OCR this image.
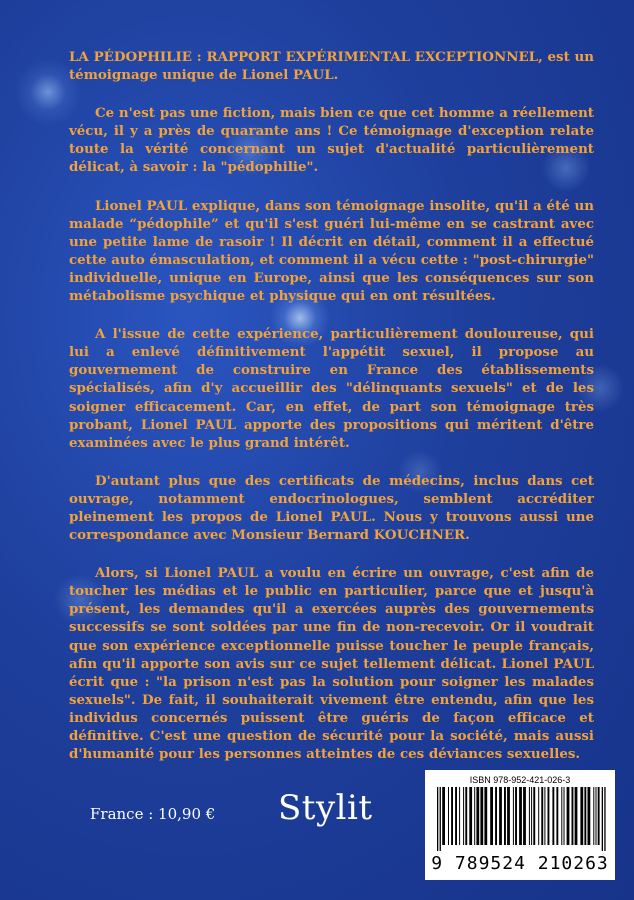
LA PÉDOPHILIE : RAPPORT EXPÉRIMENTAL EXCEPTIONNEL, est un témoignage unique de Lionel PAUL.

Ce n'est pas une fiction, mais bien ce que cet homme a réellement vécu, il y a près de quarante ans ! Ce témoignage d'exception relate toute la vérité concernant un sujet d'actualité particulièrement délicat, à savoir : la "pédophilie".

Lionel PAUL explique, dans son témoignage insolite, qu'il a été un malade “pédophile” et qu'il s'est guéri lui-même en se castrant avec une petite lame de rasoir ! Il décrit en détail, comment il a effectué cette auto émasculation, et comment il a vécu cette : "post-chirurgie" individuelle, unique en Europe, ainsi que les conséquences sur son métabolisme psychique et physique qui en ont résultées.

A l'issue de cette expérience, particulièrement douloureuse, qui lui a enlevé définitivement l'appétit sexuel, il propose au gouvernement de construire en France des établissements spécialisés, afin d'y accueillir des "délinquants sexuels" et de les soigner efficacement. Car, en effet, de part son témoignage très probant, Lionel PAUL apporte des propositions qui méritent d'être examinées avec le plus grand intérêt.

D'autant plus que des certificats de médecins, inclus dans cet ouvrage, notamment endocrinologues, semblent accréditer pleinement les propos de Lionel PAUL. Nous y trouvons aussi une correspondance avec Monsieur Bernard KOUCHNER.

Alors, si Lionel PAUL a voulu en écrire un ouvrage, c'est afin de toucher les médias et le public en particulier, parce que et jusqu'à présent, les demandes qu'il a exercées auprès des gouvernements successifs se sont soldées par une fin de non-recevoir. Or il voudrait que son expérience exceptionnelle puisse toucher le peuple français, afin qu'il apporte son avis sur ce sujet tellement délicat. Lionel PAUL écrit que : "la prison n'est pas la solution pour soigner les malades sexuels". De fait, il souhaiterait vivement être entendu, afin que les individus concernés puissent être guéris de façon efficace et définitive. C'est une question de sécurité pour la société, mais aussi d'humanité pour les personnes atteintes de ces déviances sexuelles.

France : 10,90 € Stylit
ISBN 978-952-421-026-3
9 789524 210263
